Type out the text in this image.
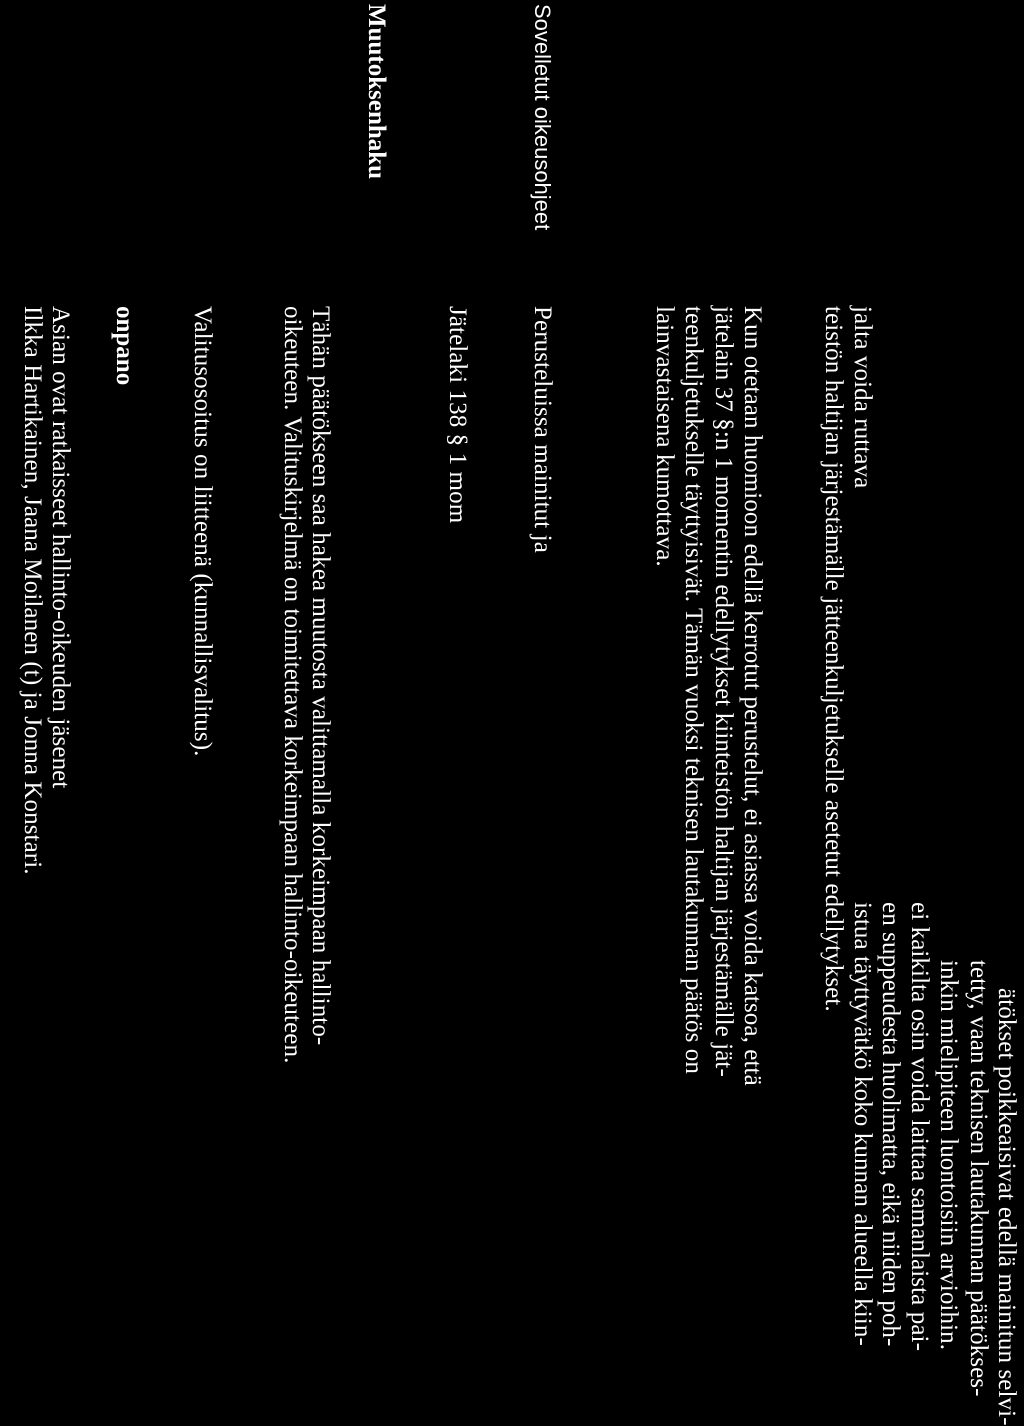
ätökset poikkeaisivat edellä mainitun selvi-
tetty, vaan teknisen lautakunnan päätökses-
inkin mielipiteen luontoisiin arvioihin.
ei kaikilta osin voida laittaa samanlaista pai-
en suppeudesta huolimatta, eikä niiden poh-
istua täyttyvätkö koko kunnan alueella kiin-
jalta voida ruttava
teistön haltijan järjestämälle jätteenkuljetukselle asetetut edellytykset.
Kun otetaan huomioon edellä kerrotut perustelut, ei asiassa voida katsoa, että
jätelain 37 §:n 1 momentin edellytykset kiinteistön haltijan järjestämälle jät-
teenkuljetukselle täyttyisivät. Tämän vuoksi teknisen lautakunnan päätös on
lainvastaisena kumottava.
Sovelletut oikeusohjeet
Perusteluissa mainitut ja
Jätelaki 138 § 1 mom
Muutoksenhaku
Tähän päätökseen saa hakea muutosta valittamalla korkeimpaan hallinto-
oikeuteen. Valituskirjelmä on toimitettava korkeimpaan hallinto-oikeuteen.
Valitusosoitus on liitteenä (kunnallisvalitus).
onpano
Asian ovat ratkaisseet hallinto-oikeuden jäsenet
Ilkka Hartikainen, Jaana Moilanen (t) ja Jonna Konstari.
